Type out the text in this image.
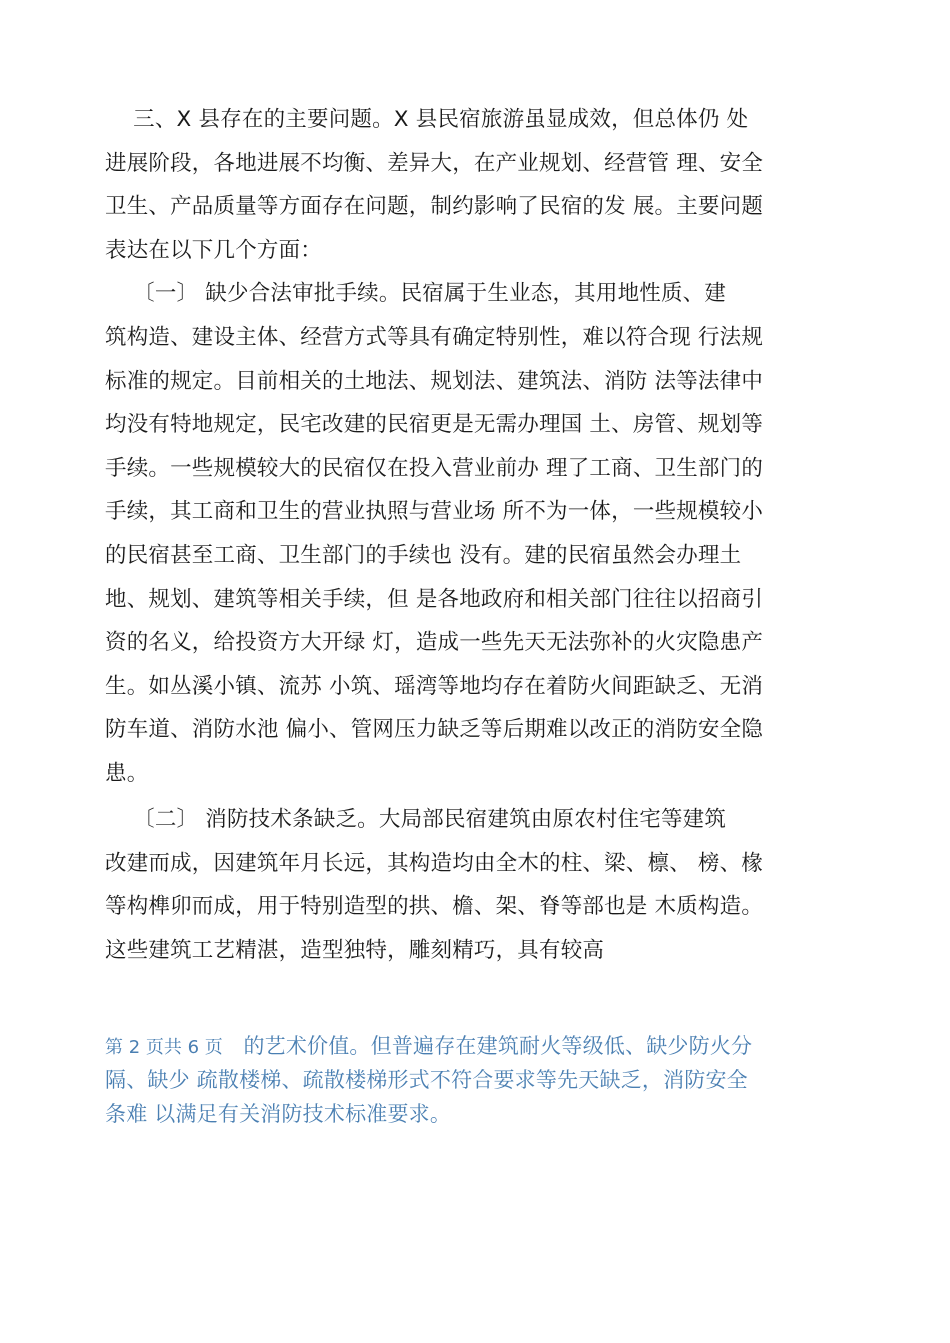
三、X 县存在的主要问题。X 县民宿旅游虽显成效，但总体仍 处
进展阶段，各地进展不均衡、差异大，在产业规划、经营管 理、安全
卫生、产品质量等方面存在问题，制约影响了民宿的发 展。主要问题
表达在以下几个方面：
〔一〕 缺少合法审批手续。民宿属于生业态，其用地性质、建
筑构造、建设主体、经营方式等具有确定特别性，难以符合现 行法规
标准的规定。目前相关的土地法、规划法、建筑法、消防 法等法律中
均没有特地规定，民宅改建的民宿更是无需办理国 土、房管、规划等
手续。一些规模较大的民宿仅在投入营业前办 理了工商、卫生部门的
手续，其工商和卫生的营业执照与营业场 所不为一体，一些规模较小
的民宿甚至工商、卫生部门的手续也 没有。建的民宿虽然会办理土
地、规划、建筑等相关手续，但 是各地政府和相关部门往往以招商引
资的名义，给投资方大开绿 灯，造成一些先天无法弥补的火灾隐患产
生。如丛溪小镇、流苏 小筑、瑶湾等地均存在着防火间距缺乏、无消
防车道、消防水池 偏小、管网压力缺乏等后期难以改正的消防安全隐
患。
〔二〕 消防技术条缺乏。大局部民宿建筑由原农村住宅等建筑
改建而成，因建筑年月长远，其构造均由全木的柱、梁、檩、 榜、椽
等构榫卯而成，用于特别造型的拱、檐、架、脊等部也是 木质构造。
这些建筑工艺精湛，造型独特，雕刻精巧，具有较高
第 2 页共 6 页 的艺术价值。但普遍存在建筑耐火等级低、缺少防火分
隔、缺少 疏散楼梯、疏散楼梯形式不符合要求等先天缺乏，消防安全
条难 以满足有关消防技术标准要求。
